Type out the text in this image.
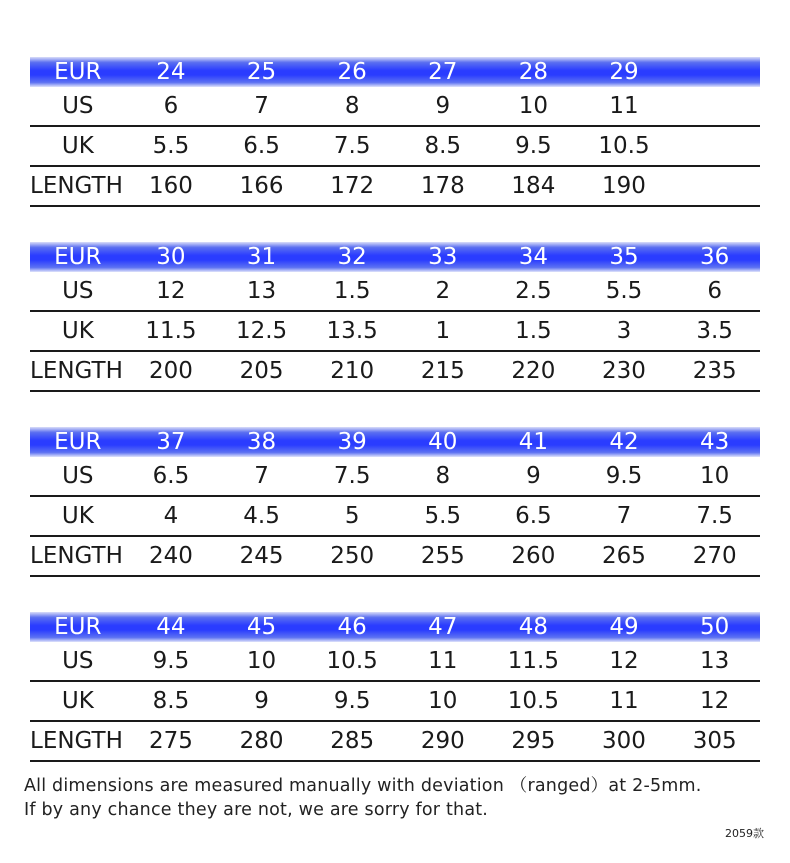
EUR	24	25	26	27	28	29	
US	6	7	8	9	10	11	
UK	5.5	6.5	7.5	8.5	9.5	10.5	
LENGTH	160	166	172	178	184	190	
EUR	30	31	32	33	34	35	36
US	12	13	1.5	2	2.5	5.5	6
UK	11.5	12.5	13.5	1	1.5	3	3.5
LENGTH	200	205	210	215	220	230	235
EUR	37	38	39	40	41	42	43
US	6.5	7	7.5	8	9	9.5	10
UK	4	4.5	5	5.5	6.5	7	7.5
LENGTH	240	245	250	255	260	265	270
EUR	44	45	46	47	48	49	50
US	9.5	10	10.5	11	11.5	12	13
UK	8.5	9	9.5	10	10.5	11	12
LENGTH	275	280	285	290	295	300	305
All dimensions are measured manually with deviation （ranged）at 2-5mm.
If by any chance they are not, we are sorry for that.
2059款
